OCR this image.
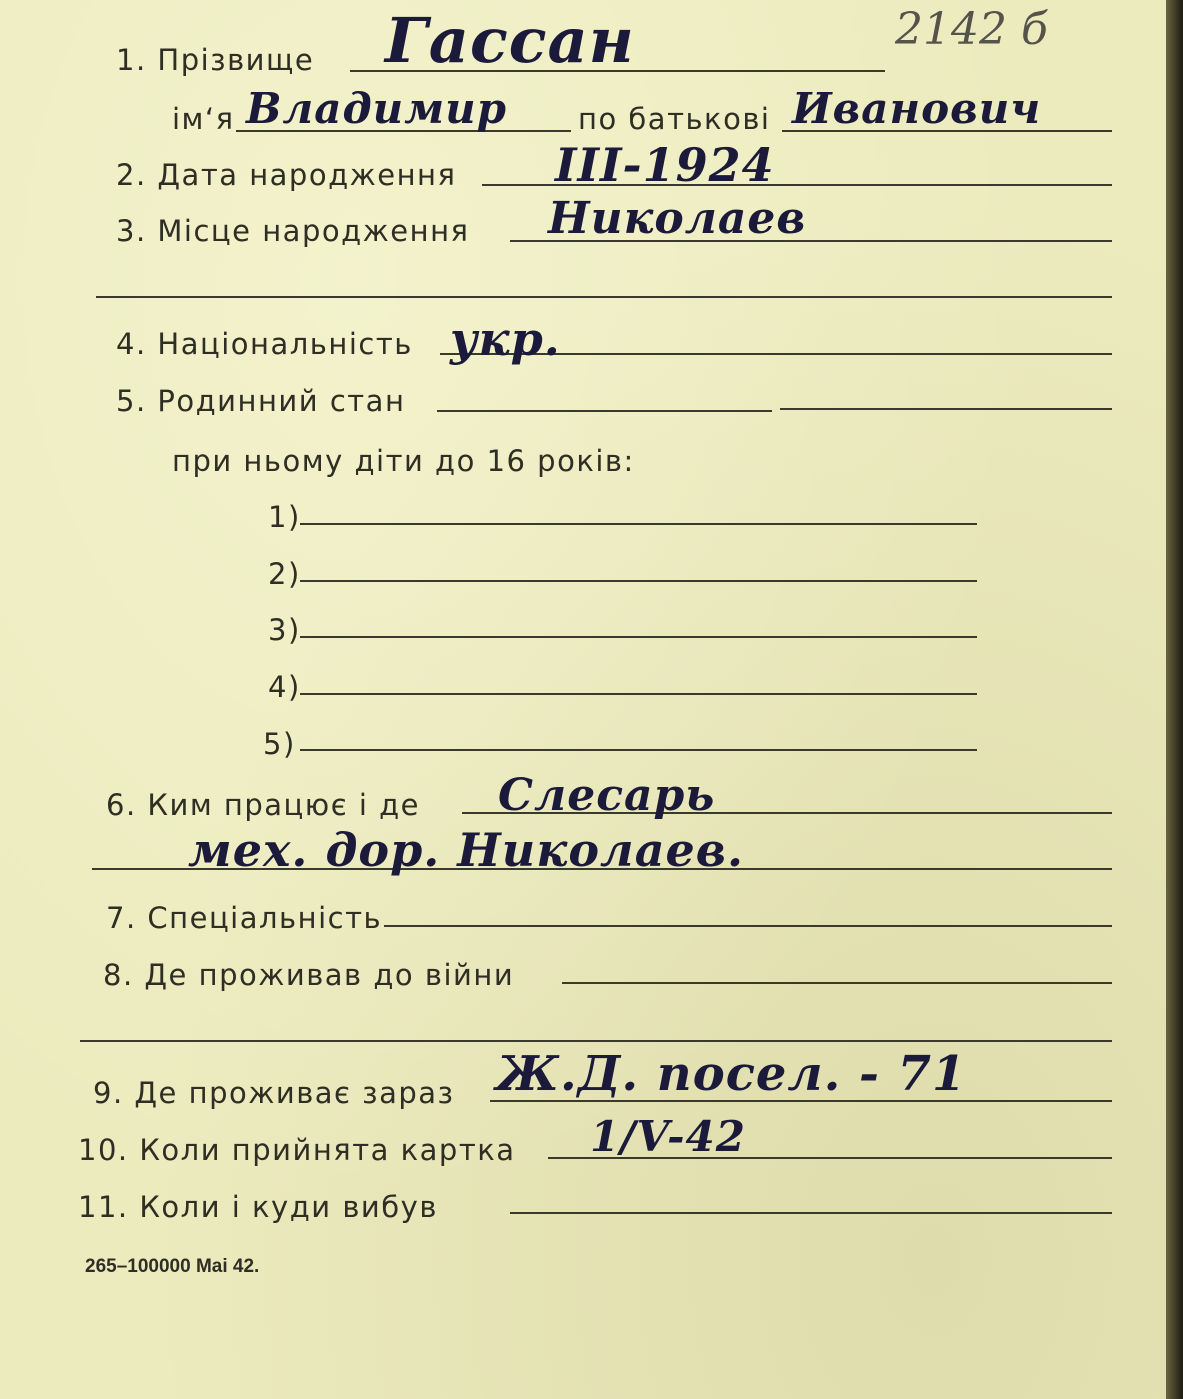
2142 б
1. Прізвище Гассан
ім‘я Владимир по батькові Иванович
2. Дата народження III-1924
3. Місце народження Николаев
4. Національність укр.
5. Родинний стан
при ньому діти до 16 років:
1)
2)
3)
4)
5)
6. Ким працює і де Слесарь
мех. дор. Николаев.
7. Спеціальність
8. Де проживав до війни
9. Де проживає зараз Ж.Д. посел. - 71
10. Коли прийнята картка 1/V-42
11. Коли і куди вибув
265–100000 Mai 42.
